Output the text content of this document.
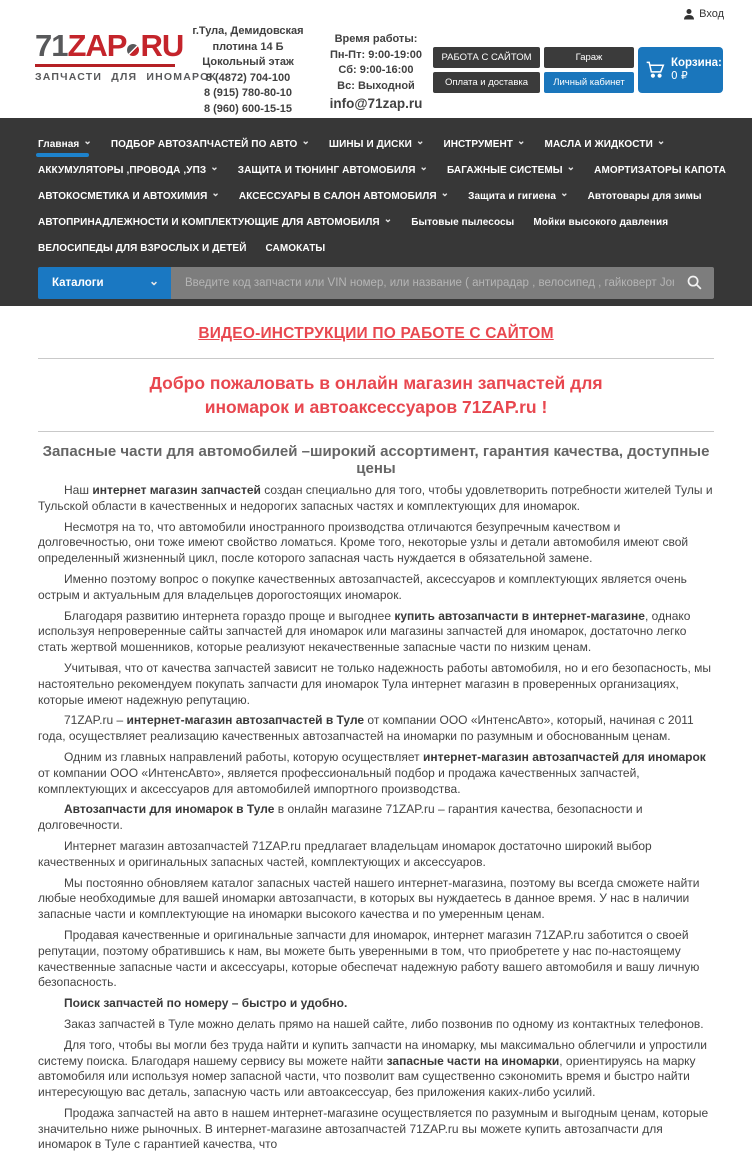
Вход
71ZAP RU
ЗАПЧАСТИ ДЛЯ ИНОМАРОК
г.Тула, Демидовская
плотина 14 Б
Цокольный этаж
8 (4872) 704-100
8 (915) 780-80-10
8 (960) 600-15-15
Время работы:
Пн-Пт: 9:00-19:00
Сб: 9:00-16:00
Вс: Выходной
info@71zap.ru
РАБОТА С САЙТОМ	Гараж
Оплата и доставка	Личный кабинет
Корзина: 0
0 ₽
Главная ⌄ ПОДБОР АВТОЗАПЧАСТЕЙ ПО АВТО ⌄ ШИНЫ И ДИСКИ ⌄ ИНСТРУМЕНТ ⌄ МАСЛА И ЖИДКОСТИ ⌄
АККУМУЛЯТОРЫ ,ПРОВОДА ,УПЗ ⌄ ЗАЩИТА И ТЮНИНГ АВТОМОБИЛЯ ⌄ БАГАЖНЫЕ СИСТЕМЫ ⌄ АМОРТИЗАТОРЫ КАПОТА
АВТОКОСМЕТИКА И АВТОХИМИЯ ⌄ АКСЕССУАРЫ В САЛОН АВТОМОБИЛЯ ⌄ Защита и гигиена ⌄ Автотовары для зимы
АВТОПРИНАДЛЕЖНОСТИ И КОМПЛЕКТУЮЩИЕ ДЛЯ АВТОМОБИЛЯ ⌄ Бытовые пылесосы Мойки высокого давления
ВЕЛОСИПЕДЫ ДЛЯ ВЗРОСЛЫХ И ДЕТЕЙ САМОКАТЫ
Каталоги	⌄
Введите код запчасти или VIN номер, или название ( антирадар , велосипед , гайковерт Jonnesway и тд )
ВИДЕО-ИНСТРУКЦИИ ПО РАБОТЕ С САЙТОМ
Добро пожаловать в онлайн магазин запчастей для иномарок и автоаксессуаров 71ZAP.ru !
Запасные части для автомобилей –широкий ассортимент, гарантия качества, доступные цены

Наш интернет магазин запчастей создан специально для того, чтобы удовлетворить потребности жителей Тулы и Тульской области в качественных и недорогих запасных частях и комплектующих для иномарок.

Несмотря на то, что автомобили иностранного производства отличаются безупречным качеством и долговечностью, они тоже имеют свойство ломаться. Кроме того, некоторые узлы и детали автомобиля имеют свой определенный жизненный цикл, после которого запасная часть нуждается в обязательной замене.

Именно поэтому вопрос о покупке качественных автозапчастей, аксессуаров и комплектующих является очень острым и актуальным для владельцев дорогостоящих иномарок.

Благодаря развитию интернета гораздо проще и выгоднее купить автозапчасти в интернет-магазине, однако используя непроверенные сайты запчастей для иномарок или магазины запчастей для иномарок, достаточно легко стать жертвой мошенников, которые реализуют некачественные запасные части по низким ценам.

Учитывая, что от качества запчастей зависит не только надежность работы автомобиля, но и его безопасность, мы настоятельно рекомендуем покупать запчасти для иномарок Тула интернет магазин в проверенных организациях, которые имеют надежную репутацию.

71ZAP.ru – интернет-магазин автозапчастей в Туле от компании ООО «ИнтенсАвто», который, начиная с 2011 года, осуществляет реализацию качественных автозапчастей на иномарки по разумным и обоснованным ценам.

Одним из главных направлений работы, которую осуществляет интернет-магазин автозапчастей для иномарок от компании ООО «ИнтенсАвто», является профессиональный подбор и продажа качественных запчастей, комплектующих и аксессуаров для автомобилей импортного производства.

Автозапчасти для иномарок в Туле в онлайн магазине 71ZAP.ru – гарантия качества, безопасности и долговечности.

Интернет магазин автозапчастей 71ZAP.ru предлагает владельцам иномарок достаточно широкий выбор качественных и оригинальных запасных частей, комплектующих и аксессуаров.

Мы постоянно обновляем каталог запасных частей нашего интернет-магазина, поэтому вы всегда сможете найти любые необходимые для вашей иномарки автозапчасти, в которых вы нуждаетесь в данное время. У нас в наличии запасные части и комплектующие на иномарки высокого качества и по умеренным ценам.

Продавая качественные и оригинальные запчасти для иномарок, интернет магазин 71ZAP.ru заботится о своей репутации, поэтому обратившись к нам, вы можете быть уверенными в том, что приобретете у нас по-настоящему качественные запасные части и аксессуары, которые обеспечат надежную работу вашего автомобиля и вашу личную безопасность.

Поиск запчастей по номеру – быстро и удобно.

Заказ запчастей в Туле можно делать прямо на нашей сайте, либо позвонив по одному из контактных телефонов.

Для того, чтобы вы могли без труда найти и купить запчасти на иномарку, мы максимально облегчили и упростили систему поиска. Благодаря нашему сервису вы можете найти запасные части на иномарки, ориентируясь на марку автомобиля или используя номер запасной части, что позволит вам существенно сэкономить время и быстро найти интересующую вас деталь, запасную часть или автоаксессуар, без приложения каких-либо усилий.

Продажа запчастей на авто в нашем интернет-магазине осуществляется по разумным и выгодным ценам, которые значительно ниже рыночных. В интернет-магазине автозапчастей 71ZAP.ru вы можете купить автозапчасти для иномарок в Туле с гарантией качества, что
